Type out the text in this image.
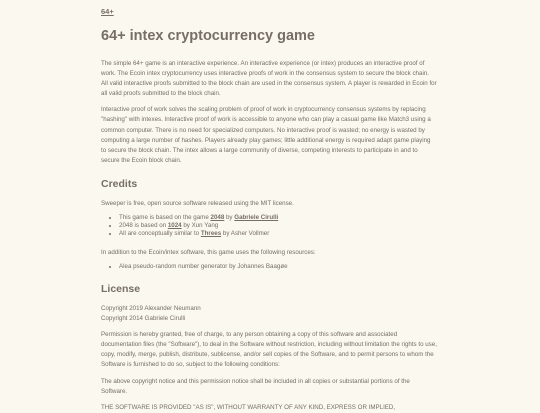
64+
64+ intex cryptocurrency game

The simple 64+ game is an interactive experience. An interactive experience (or intex) produces an interactive proof of work. The Ecoin intex cryptocurrency uses interactive proofs of work in the consensus system to secure the block chain. All valid interactive proofs submitted to the block chain are used in the consensus system. A player is rewarded in Ecoin for all valid proofs submitted to the block chain.

Interactive proof of work solves the scaling problem of proof of work in cryptocurrency consensus systems by replacing "hashing" with intexes. Interactive proof of work is accessible to anyone who can play a casual game like Match3 using a common computer. There is no need for specialized computers. No interactive proof is wasted; no energy is wasted by computing a large number of hashes. Players already play games; little additional energy is required adapt game playing to secure the block chain. The intex allows a large community of diverse, competing interests to participate in and to secure the Ecoin block chain.

Credits

Sweeper is free, open source software released using the MIT license.

• This game is based on the game 2048 by Gabriele Cirulli
• 2048 is based on 1024 by Xun Yang
• All are conceptually similar to Threes by Asher Vollmer

In addition to the Ecoin/intex software, this game uses the following resources:

• Alea pseudo-random number generator by Johannes Baagøe
License

Copyright 2019 Alexander Neumann

Copyright 2014 Gabriele Cirulli

Permission is hereby granted, free of charge, to any person obtaining a copy of this software and associated documentation files (the "Software"), to deal in the Software without restriction, including without limitation the rights to use, copy, modify, merge, publish, distribute, sublicense, and/or sell copies of the Software, and to permit persons to whom the Software is furnished to do so, subject to the following conditions:

The above copyright notice and this permission notice shall be included in all copies or substantial portions of the Software.

THE SOFTWARE IS PROVIDED "AS IS", WITHOUT WARRANTY OF ANY KIND, EXPRESS OR IMPLIED,
